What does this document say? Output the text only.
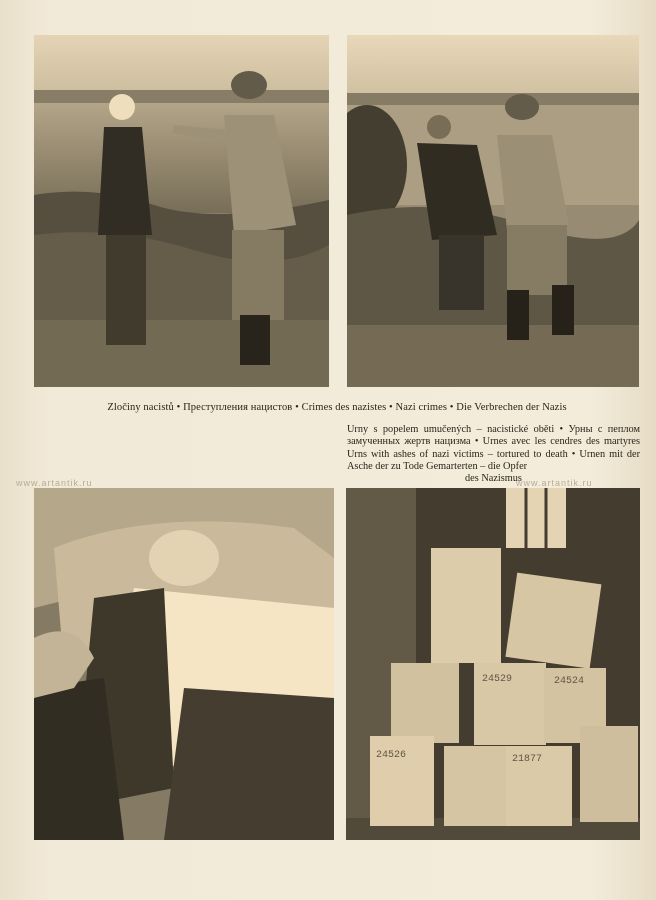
Zločiny nacistů • Преступления нацистов • Crimes des nazistes • Nazi crimes • Die Verbrechen der Nazis
Urny s popelem umučených – nacistické oběti • Урны с пеплом замученных жертв нацизма • Urnes avec les cendres des martyres Urns with ashes of nazi victims – tortured to death • Urnen mit der Asche der zu Tode Gemarterten – die Opfer
des Nazismus
www.artantik.ru	www.artantik.ru
24526
24524
21877
24529
